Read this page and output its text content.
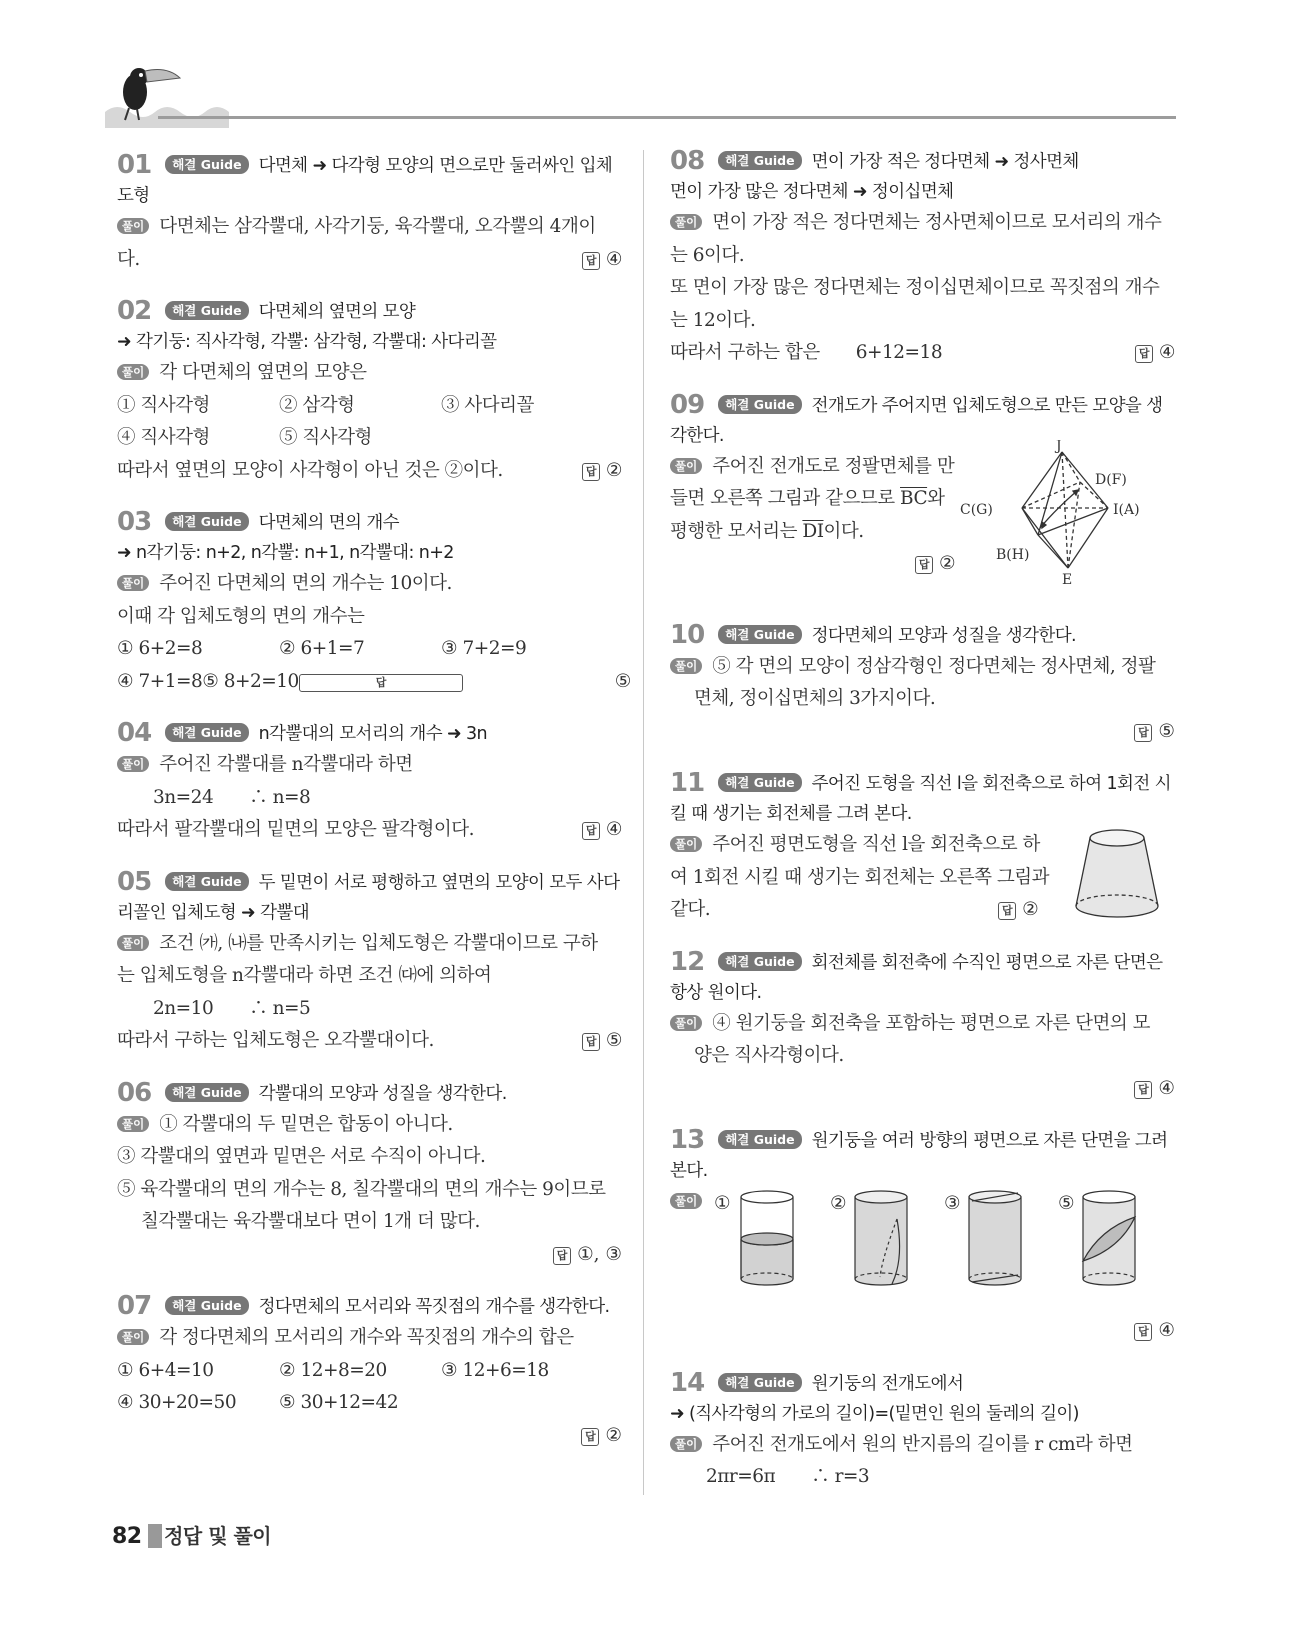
01 해결 Guide 다면체 ➜ 다각형 모양의 면으로만 둘러싸인 입체
도형
풀이 다면체는 삼각뿔대, 사각기둥, 육각뿔대, 오각뿔의 4개이
다.	답 ④
02 해결 Guide 다면체의 옆면의 모양
➜ 각기둥: 직사각형, 각뿔: 삼각형, 각뿔대: 사다리꼴
풀이 각 다면체의 옆면의 모양은
① 직사각형	② 삼각형	③ 사다리꼴
④ 직사각형	⑤ 직사각형
따라서 옆면의 모양이 사각형이 아닌 것은 ②이다.	답 ②
03 해결 Guide 다면체의 면의 개수
➜ n각기둥: n+2, n각뿔: n+1, n각뿔대: n+2
풀이 주어진 다면체의 면의 개수는 10이다.
이때 각 입체도형의 면의 개수는
① 6+2=8	② 6+1=7	③ 7+2=9
④ 7+1=8 ⑤ 8+2=10	답	⑤
04 해결 Guide n각뿔대의 모서리의 개수 ➜ 3n
풀이 주어진 각뿔대를 n각뿔대라 하면
3n=24　　∴ n=8
따라서 팔각뿔대의 밑면의 모양은 팔각형이다.	답 ④
05 해결 Guide 두 밑면이 서로 평행하고 옆면의 모양이 모두 사다
리꼴인 입체도형 ➜ 각뿔대
풀이 조건 ㈎, ㈏를 만족시키는 입체도형은 각뿔대이므로 구하
는 입체도형을 n각뿔대라 하면 조건 ㈐에 의하여
2n=10　　∴ n=5
따라서 구하는 입체도형은 오각뿔대이다.	답 ⑤
06 해결 Guide 각뿔대의 모양과 성질을 생각한다.
풀이 ① 각뿔대의 두 밑면은 합동이 아니다.
③ 각뿔대의 옆면과 밑면은 서로 수직이 아니다.
⑤ 육각뿔대의 면의 개수는 8, 칠각뿔대의 면의 개수는 9이므로
칠각뿔대는 육각뿔대보다 면이 1개 더 많다.
답 ①, ③
07 해결 Guide 정다면체의 모서리와 꼭짓점의 개수를 생각한다.
풀이 각 정다면체의 모서리의 개수와 꼭짓점의 개수의 합은
① 6+4=10	② 12+8=20	③ 12+6=18
④ 30+20=50	⑤ 30+12=42
답 ②
08 해결 Guide 면이 가장 적은 정다면체 ➜ 정사면체
면이 가장 많은 정다면체 ➜ 정이십면체
풀이 면이 가장 적은 정다면체는 정사면체이므로 모서리의 개수
는 6이다.
또 면이 가장 많은 정다면체는 정이십면체이므로 꼭짓점의 개수
는 12이다.
따라서 구하는 합은　　6+12=18	답 ④
09 해결 Guide 전개도가 주어지면 입체도형으로 만든 모양을 생
각한다.
풀이 주어진 전개도로 정팔면체를 만
들면 오른쪽 그림과 같으므로 $\overline{BC}$와
평행한 모서리는 $\overline{DI}$이다.
답 ②
J
D(F)
C(G)	I(A)
B(H)
E
10 해결 Guide 정다면체의 모양과 성질을 생각한다.
풀이 ⑤ 각 면의 모양이 정삼각형인 정다면체는 정사면체, 정팔
면체, 정이십면체의 3가지이다.
답 ⑤
11 해결 Guide 주어진 도형을 직선 l을 회전축으로 하여 1회전 시
킬 때 생기는 회전체를 그려 본다.
풀이 주어진 평면도형을 직선 l을 회전축으로 하
여 1회전 시킬 때 생기는 회전체는 오른쪽 그림과
같다.	답 ②
12 해결 Guide 회전체를 회전축에 수직인 평면으로 자른 단면은
항상 원이다.
풀이 ④ 원기둥을 회전축을 포함하는 평면으로 자른 단면의 모
양은 직사각형이다.
답 ④
13 해결 Guide 원기둥을 여러 방향의 평면으로 자른 단면을 그려
본다.
풀이 ①	②	③	⑤
답 ④
14 해결 Guide 원기둥의 전개도에서
➜ (직사각형의 가로의 길이)=(밑면인 원의 둘레의 길이)
풀이 주어진 전개도에서 원의 반지름의 길이를 r cm라 하면
2πr=6π　　∴ r=3
82 정답 및 풀이
